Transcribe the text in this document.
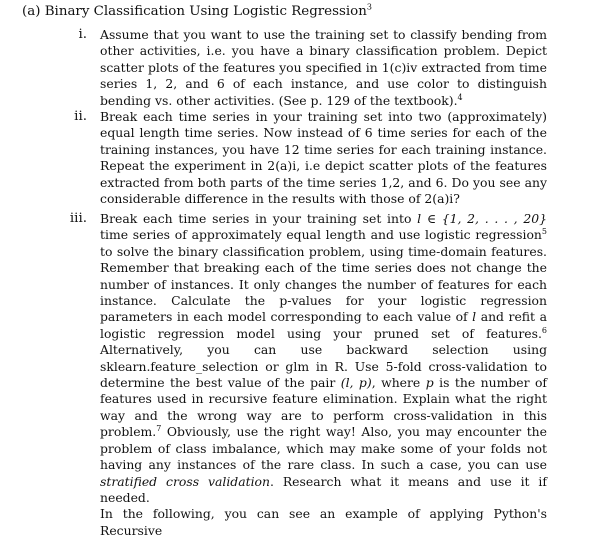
(a) Binary Classification Using Logistic Regression$^3$
i. Assume that you want to use the training set to classify bending from other activities, i.e. you have a binary classification problem. Depict scatter plots of the features you specified in 1(c)iv extracted from time series 1, 2, and 6 of each instance, and use color to distinguish bending vs. other activities. (See p. 129 of the textbook).$^4$
ii. Break each time series in your training set into two (approximately) equal length time series. Now instead of 6 time series for each of the training instances, you have 12 time series for each training instance. Repeat the experiment in 2(a)i, i.e depict scatter plots of the features extracted from both parts of the time series 1,2, and 6. Do you see any considerable difference in the results with those of 2(a)i?
iii. Break each time series in your training set into l ∈ {1, 2, . . . , 20} time series of approximately equal length and use logistic regression$^5$ to solve the binary classification problem, using time-domain features. Remember that breaking each of the time series does not change the number of instances. It only changes the number of features for each instance. Calculate the p-values for your logistic regression parameters in each model corresponding to each value of l and refit a logistic regression model using your pruned set of features.$^6$ Alternatively, you can use backward selection using sklearn.feature_selection or glm in R. Use 5-fold cross-validation to determine the best value of the pair (l, p), where p is the number of features used in recursive feature elimination. Explain what the right way and the wrong way are to perform cross-validation in this problem.$^7$ Obviously, use the right way! Also, you may encounter the problem of class imbalance, which may make some of your folds not having any instances of the rare class. In such a case, you can use stratified cross validation. Research what it means and use it if needed.
In the following, you can see an example of applying Python's Recursive
